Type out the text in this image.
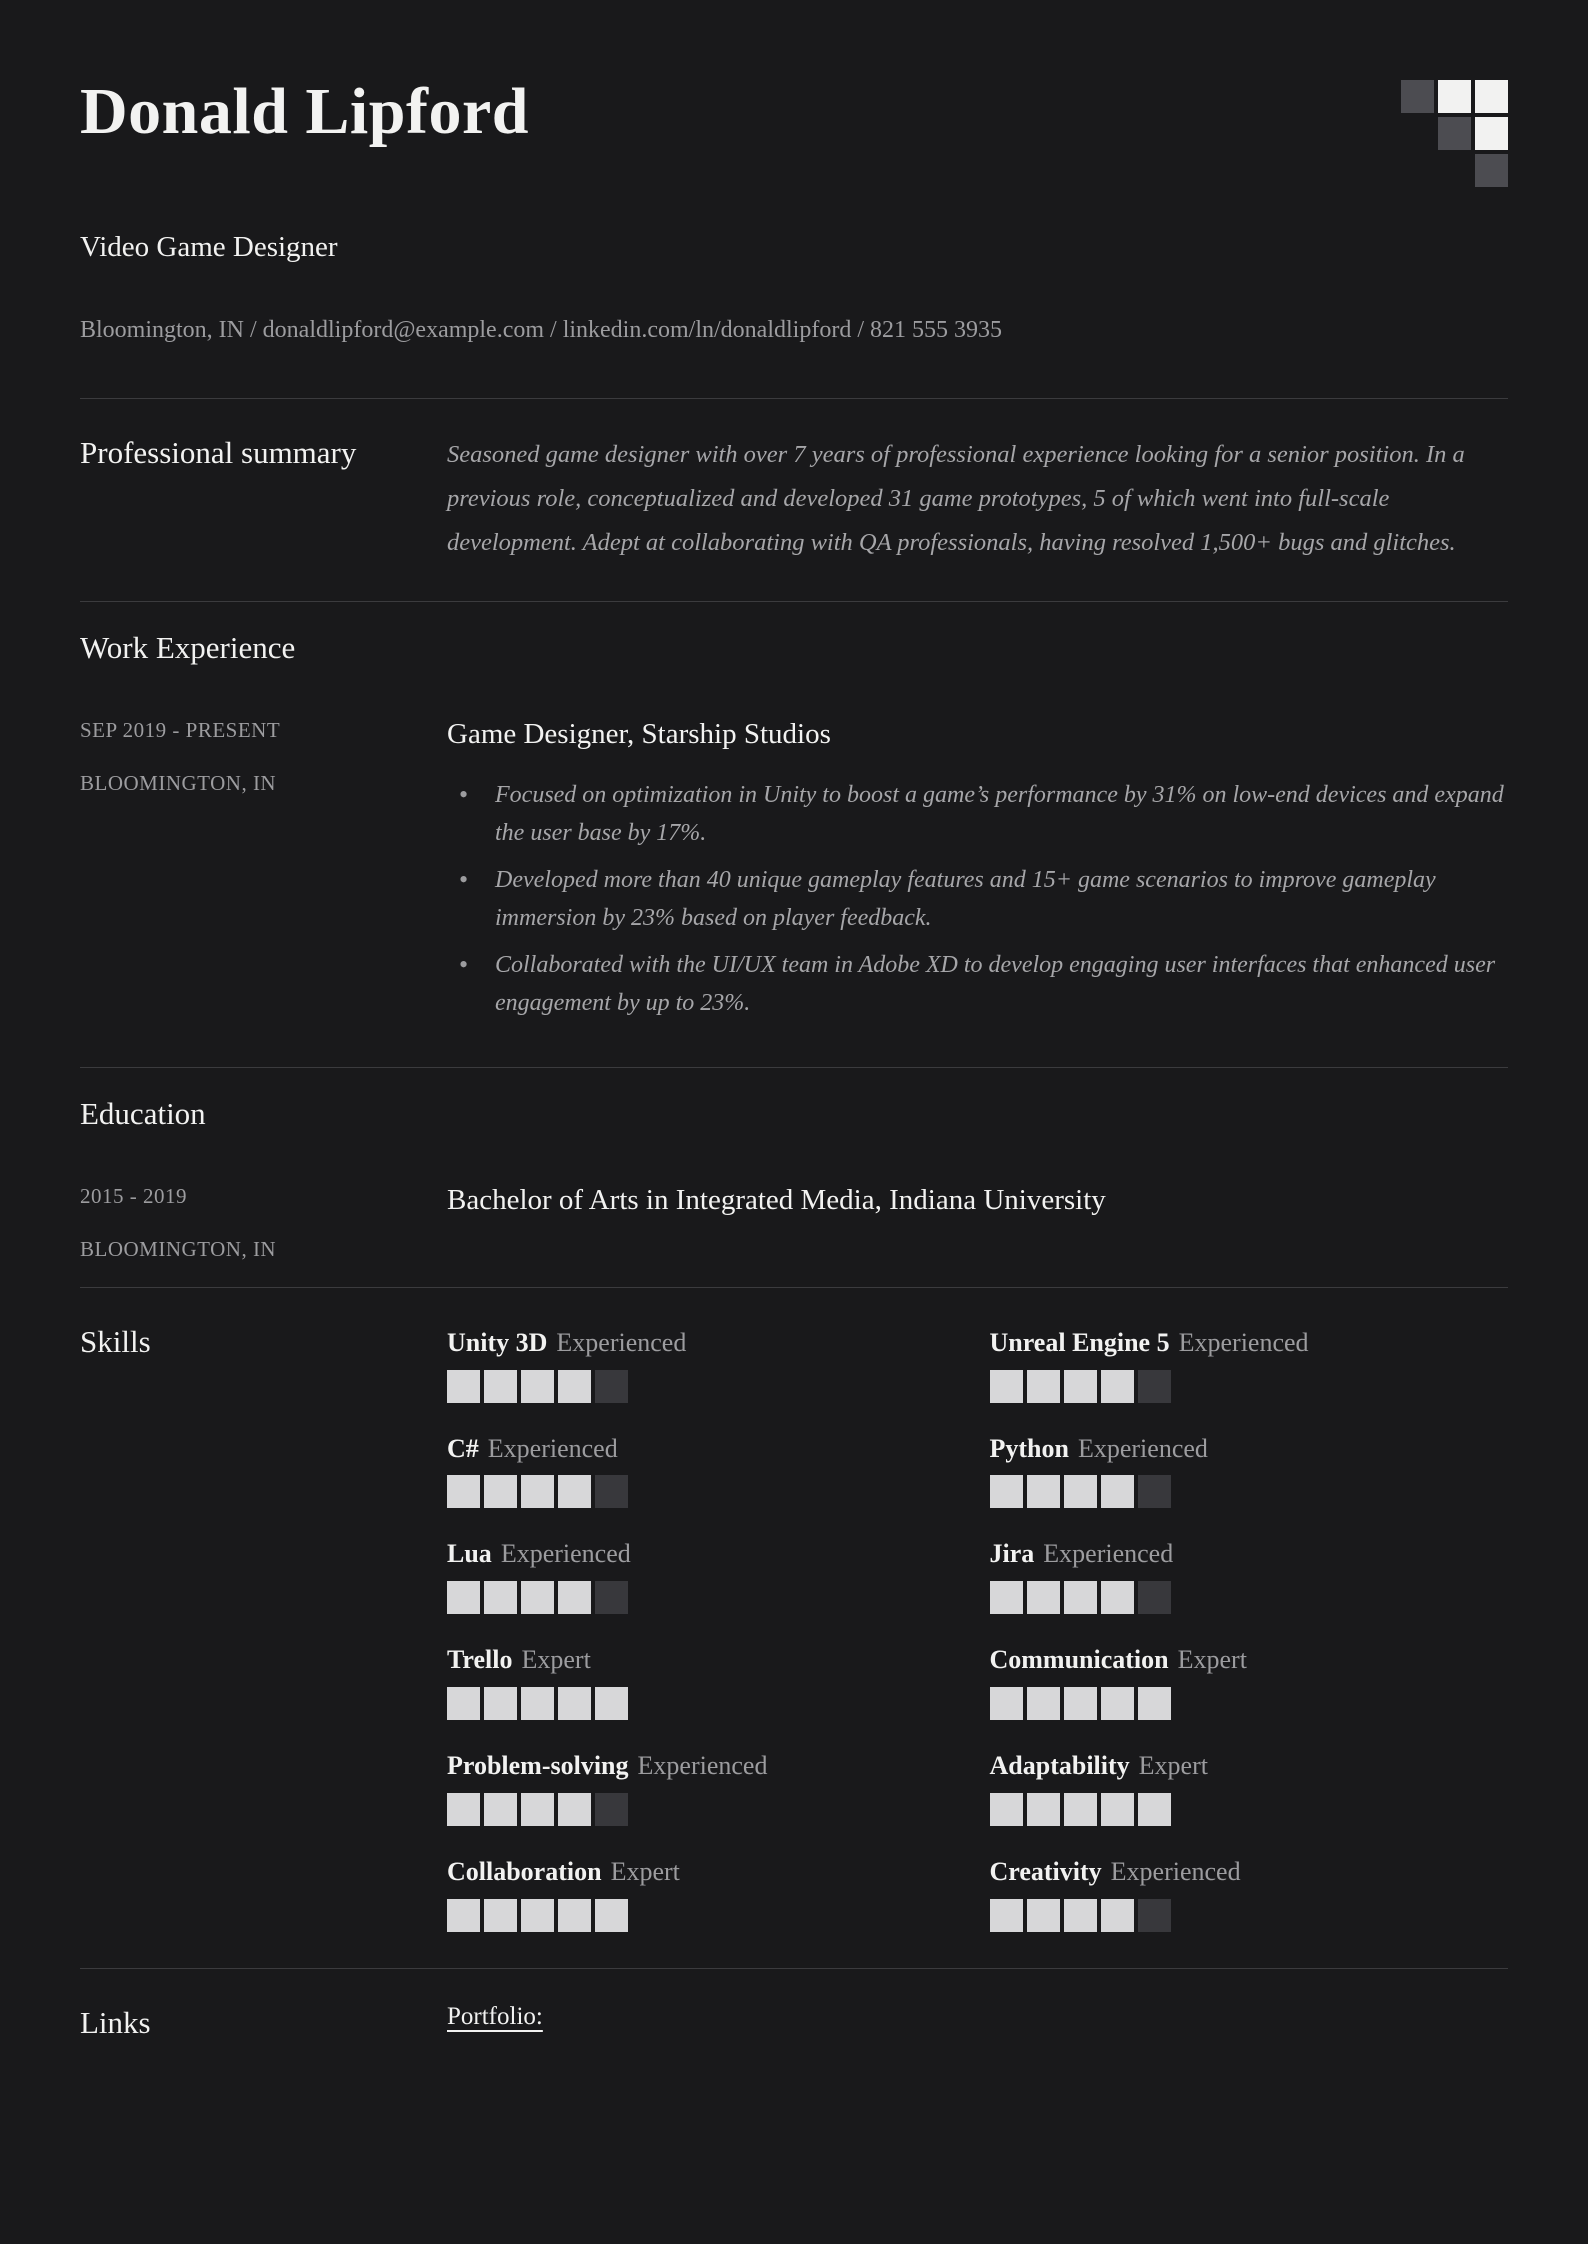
Donald Lipford
Video Game Designer
Bloomington, IN / donaldlipford@example.com / linkedin.com/ln/donaldlipford / 821 555 3935
Professional summary	Seasoned game designer with over 7 years of professional experience looking for a senior position. In a previous role, conceptualized and developed 31 game prototypes, 5 of which went into full-scale development. Adept at collaborating with QA professionals, having resolved 1,500+ bugs and glitches.

Work Experience
SEP 2019 - PRESENT
BLOOMINGTON, IN
Game Designer, Starship Studios
• Focused on optimization in Unity to boost a game’s performance by 31% on low-end devices and expand the user base by 17%.
• Developed more than 40 unique gameplay features and 15+ game scenarios to improve gameplay immersion by 23% based on player feedback.
• Collaborated with the UI/UX team in Adobe XD to develop engaging user interfaces that enhanced user engagement by up to 23%.
Education
2015 - 2019
BLOOMINGTON, IN
Bachelor of Arts in Integrated Media, Indiana University
Skills	Unity 3D Experienced	Unreal Engine 5 Experienced
C# Experienced	Python Experienced
Lua Experienced	Jira Experienced
Trello Expert	Communication Expert
Problem-solving Experienced	Adaptability Expert
Collaboration Expert	Creativity Experienced
Links	Portfolio:
